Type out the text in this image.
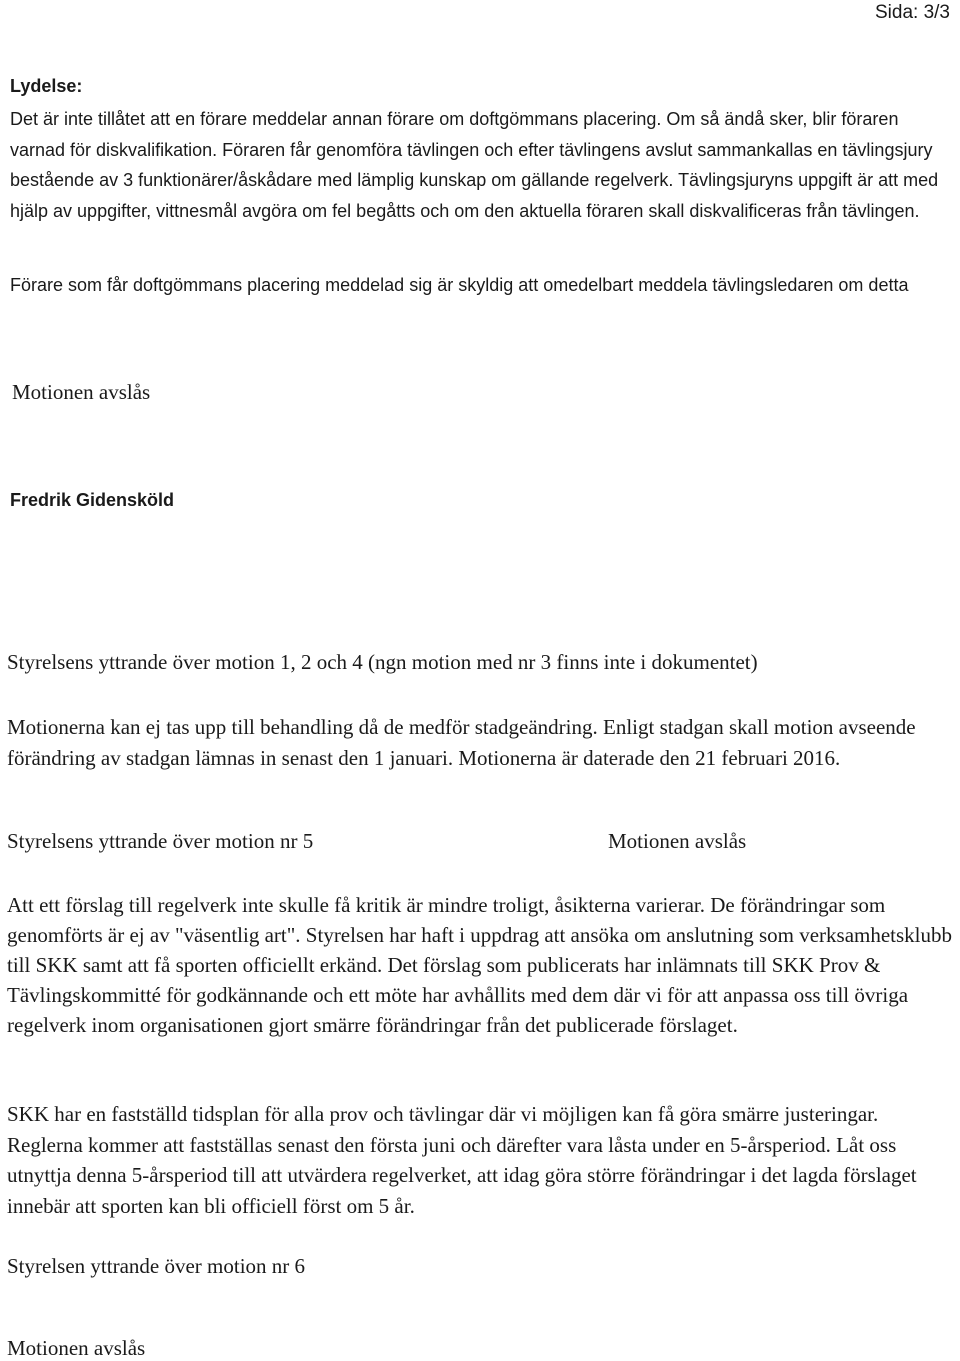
Sida: 3/3
Lydelse:

Det är inte tillåtet att en förare meddelar annan förare om doftgömmans placering. Om så ändå sker, blir föraren varnad för diskvalifikation. Föraren får genomföra tävlingen och efter tävlingens avslut sammankallas en tävlingsjury bestående av 3 funktionärer/åskådare med lämplig kunskap om gällande regelverk. Tävlingsjuryns uppgift är att med hjälp av uppgifter, vittnesmål avgöra om fel begåtts och om den aktuella föraren skall diskvalificeras från tävlingen.

Förare som får doftgömmans placering meddelad sig är skyldig att omedelbart meddela tävlingsledaren om detta

Motionen avslås
Fredrik Gidensköld
Styrelsens yttrande över motion 1, 2 och 4 (ngn motion med nr 3 finns inte i dokumentet)

Motionerna kan ej tas upp till behandling då de medför stadgeändring. Enligt stadgan skall motion avseende förändring av stadgan lämnas in senast den 1 januari. Motionerna är daterade den 21 februari 2016.

Styrelsens yttrande över motion nr 5	Motionen avslås

Att ett förslag till regelverk inte skulle få kritik är mindre troligt, åsikterna varierar. De förändringar som genomförts är ej av "väsentlig art". Styrelsen har haft i uppdrag att ansöka om anslutning som verksamhetsklubb till SKK samt att få sporten officiellt erkänd. Det förslag som publicerats har inlämnats till SKK Prov & Tävlingskommitté för godkännande och ett möte har avhållits med dem där vi för att anpassa oss till övriga regelverk inom organisationen gjort smärre förändringar från det publicerade förslaget.

SKK har en fastställd tidsplan för alla prov och tävlingar där vi möjligen kan få göra smärre justeringar. Reglerna kommer att fastställas senast den första juni och därefter vara låsta under en 5-årsperiod. Låt oss utnyttja denna 5-årsperiod till att utvärdera regelverket, att idag göra större förändringar i det lagda förslaget innebär att sporten kan bli officiell först om 5 år.

Styrelsen yttrande över motion nr 6
Motionen avslås
